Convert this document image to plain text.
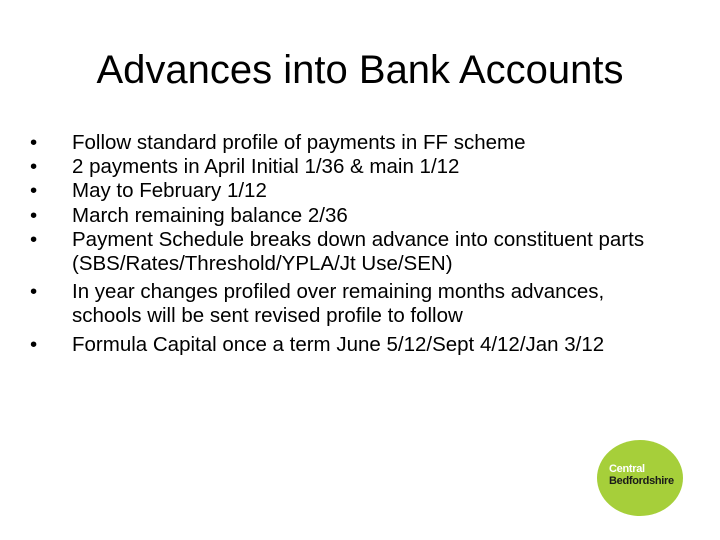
Advances into Bank Accounts
• Follow standard profile of payments in FF scheme
• 2 payments in April Initial 1/36 & main 1/12
• May to February 1/12
• March remaining balance 2/36
• Payment Schedule breaks down advance into constituent parts (SBS/Rates/Threshold/YPLA/Jt Use/SEN)
• In year changes profiled over remaining months advances, schools will be sent revised profile to follow
• Formula Capital once a term June 5/12/Sept 4/12/Jan 3/12
Central
Bedfordshire
